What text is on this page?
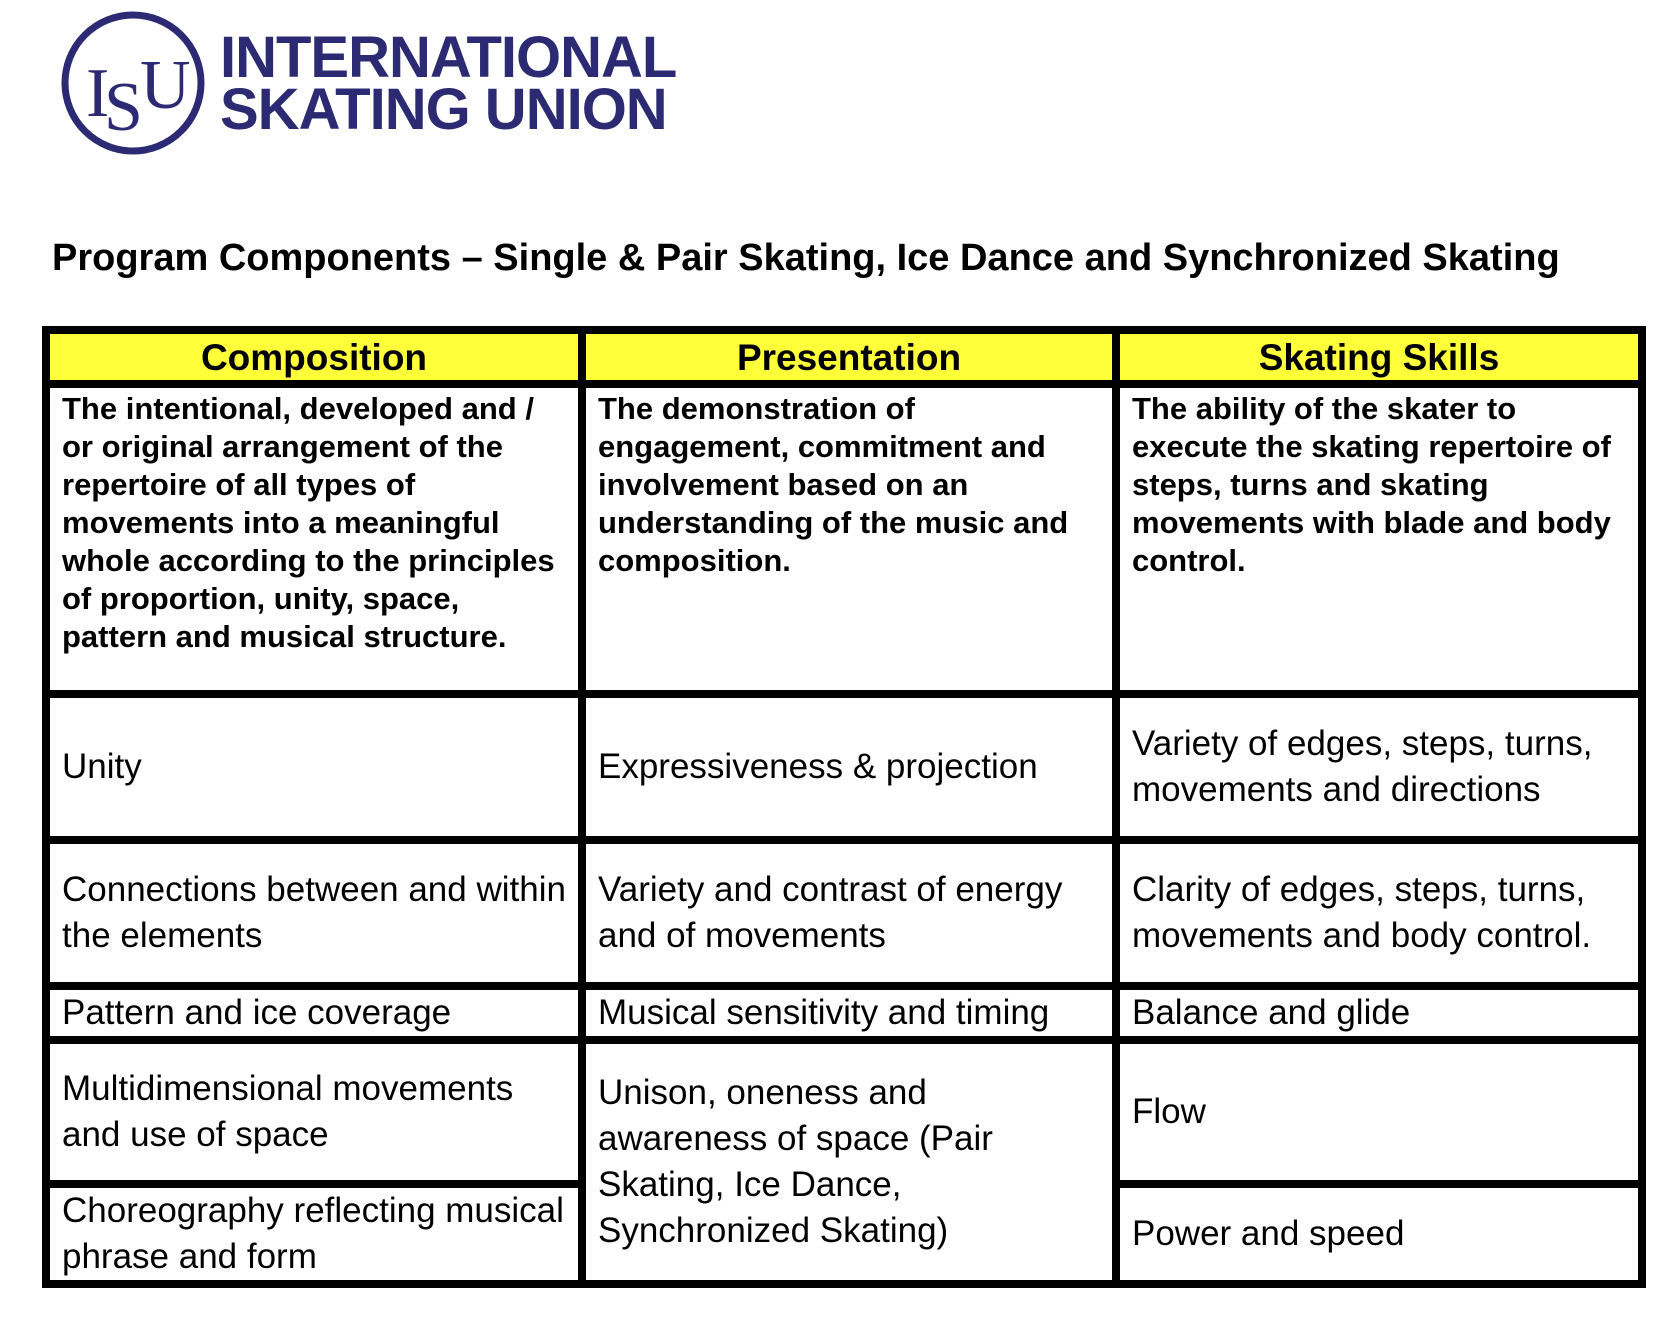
I
S
U INTERNATIONAL
SKATING UNION
Program Components – Single & Pair Skating, Ice Dance and Synchronized Skating
Composition	Presentation	Skating Skills
The intentional, developed and / or original arrangement of the repertoire of all types of movements into a meaningful whole according to the principles of proportion, unity, space, pattern and musical structure.	The demonstration of engagement, commitment and involvement based on an understanding of the music and composition.	The ability of the skater to execute the skating repertoire of steps, turns and skating movements with blade and body control.
Unity	Expressiveness & projection	Variety of edges, steps, turns, movements and directions
Connections between and within the elements	Variety and contrast of energy and of movements	Clarity of edges, steps, turns, movements and body control.
Pattern and ice coverage	Musical sensitivity and timing	Balance and glide
Multidimensional movements and use of space	Unison, oneness and awareness of space (Pair Skating, Ice Dance, Synchronized Skating)	Flow
Choreography reflecting musical phrase and form		Power and speed
